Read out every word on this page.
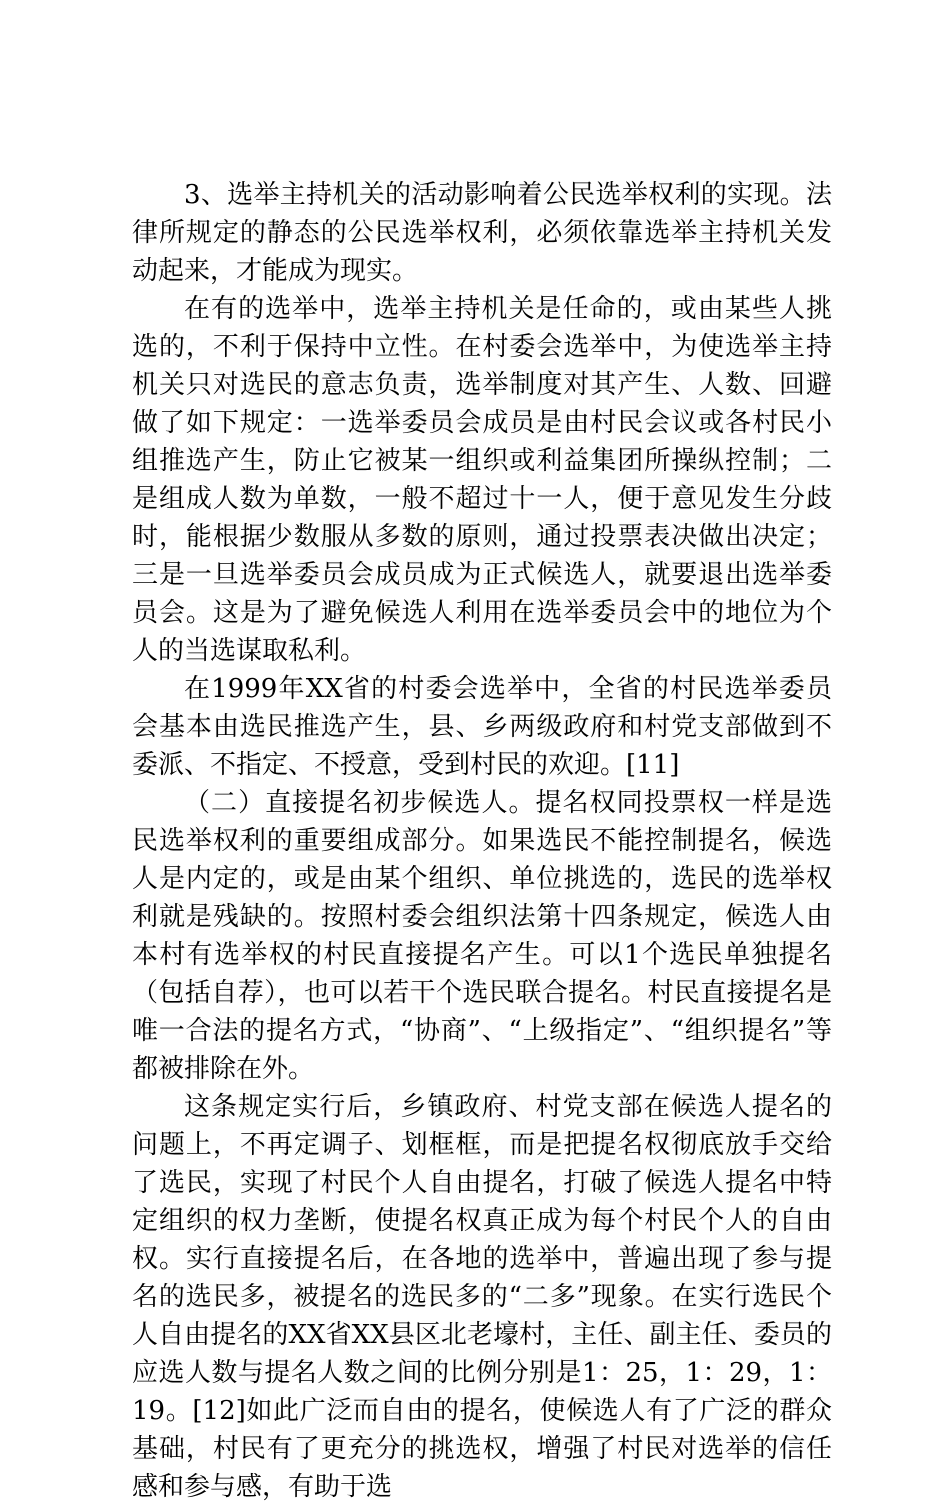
3、选举主持机关的活动影响着公民选举权利的实现。法律所规定的静态的公民选举权利，必须依靠选举主持机关发动起来，才能成为现实。

在有的选举中，选举主持机关是任命的，或由某些人挑选的，不利于保持中立性。在村委会选举中，为使选举主持机关只对选民的意志负责，选举制度对其产生、人数、回避做了如下规定：一选举委员会成员是由村民会议或各村民小组推选产生，防止它被某一组织或利益集团所操纵控制；二是组成人数为单数，一般不超过十一人，便于意见发生分歧时，能根据少数服从多数的原则，通过投票表决做出决定；三是一旦选举委员会成员成为正式候选人，就要退出选举委员会。这是为了避免候选人利用在选举委员会中的地位为个人的当选谋取私利。

在1999年XX省的村委会选举中，全省的村民选举委员会基本由选民推选产生，县、乡两级政府和村党支部做到不委派、不指定、不授意，受到村民的欢迎。[11]

（二）直接提名初步候选人。提名权同投票权一样是选民选举权利的重要组成部分。如果选民不能控制提名，候选人是内定的，或是由某个组织、单位挑选的，选民的选举权利就是残缺的。按照村委会组织法第十四条规定，候选人由本村有选举权的村民直接提名产生。可以1个选民单独提名（包括自荐），也可以若干个选民联合提名。村民直接提名是唯一合法的提名方式，“协商”、“上级指定”、“组织提名”等都被排除在外。

这条规定实行后，乡镇政府、村党支部在候选人提名的问题上，不再定调子、划框框，而是把提名权彻底放手交给了选民，实现了村民个人自由提名，打破了候选人提名中特定组织的权力垄断，使提名权真正成为每个村民个人的自由权。实行直接提名后，在各地的选举中，普遍出现了参与提名的选民多，被提名的选民多的“二多”现象。在实行选民个人自由提名的XX省XX县区北老壕村，主任、副主任、委员的应选人数与提名人数之间的比例分别是1：25，1：29，1：19。[12]如此广泛而自由的提名，使候选人有了广泛的群众基础，村民有了更充分的挑选权，增强了村民对选举的信任感和参与感，有助于选
